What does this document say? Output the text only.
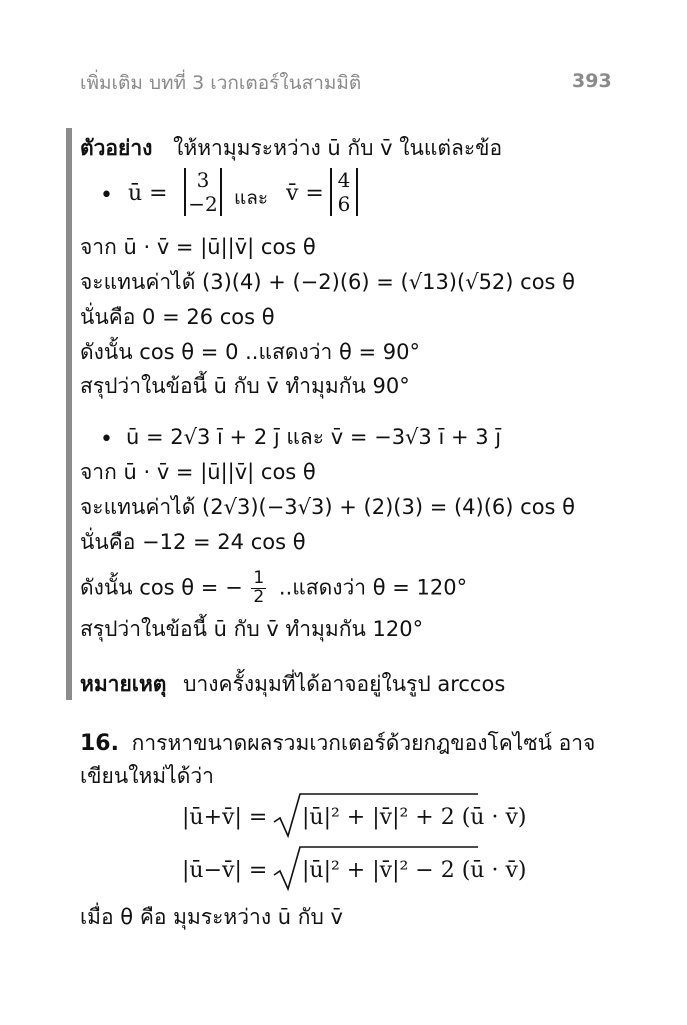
เพิ่มเติม บทที่ 3 เวกเตอร์ในสามมิติ	393
ตัวอย่าง ให้หามุมระหว่าง ū กับ v̄ ในแต่ละข้อ
• ū =
3
−2 และ v̄ =
4
6
จาก ū · v̄ = |ū||v̄| cos θ
จะแทนค่าได้ (3)(4) + (−2)(6) = (√13)(√52) cos θ
นั่นคือ 0 = 26 cos θ
ดังนั้น cos θ = 0 ..แสดงว่า θ = 90°
สรุปว่าในข้อนี้ ū กับ v̄ ทำมุมกัน 90°
• ū = 2√3 ī + 2 j̄ และ v̄ = −3√3 ī + 3 j̄
จาก ū · v̄ = |ū||v̄| cos θ
จะแทนค่าได้ (2√3)(−3√3) + (2)(3) = (4)(6) cos θ
นั่นคือ −12 = 24 cos θ
ดังนั้น cos θ = − $\frac{1}{2}$ ..แสดงว่า θ = 120°
สรุปว่าในข้อนี้ ū กับ v̄ ทำมุมกัน 120°
หมายเหตุ บางครั้งมุมที่ได้อาจอยู่ในรูป arccos
16. การหาขนาดผลรวมเวกเตอร์ด้วยกฎของโคไซน์ อาจ
เขียนใหม่ได้ว่า
|ū+v̄| = |ū|² + |v̄|² + 2 (ū · v̄)
|ū−v̄| = |ū|² + |v̄|² − 2 (ū · v̄)
เมื่อ θ คือ มุมระหว่าง ū กับ v̄
